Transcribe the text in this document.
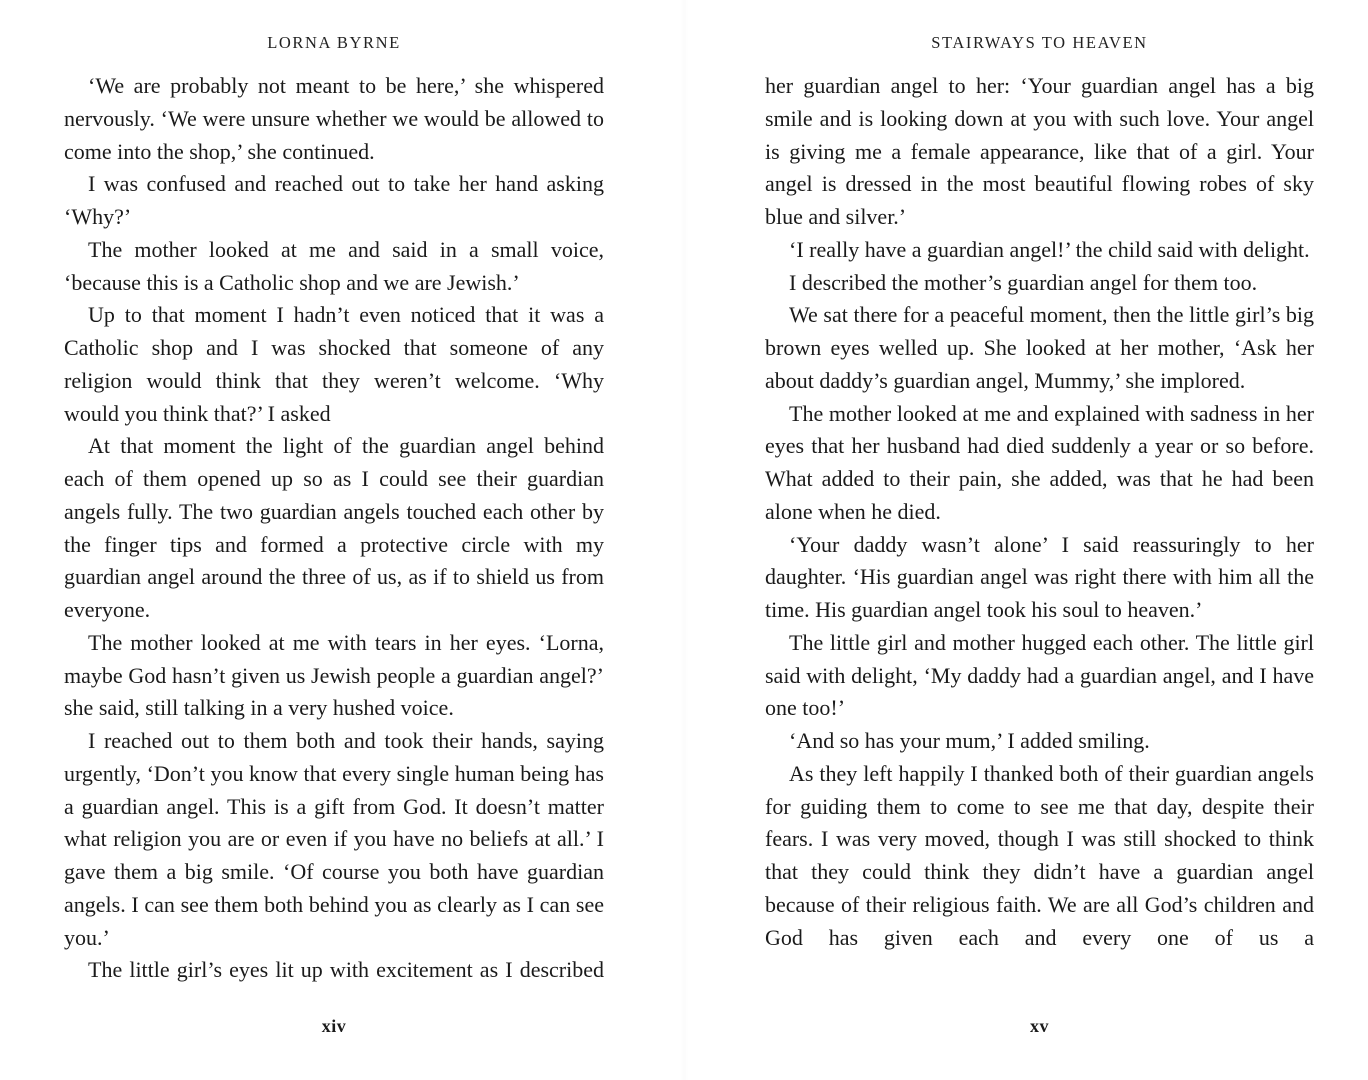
LORNA BYRNE

‘We are probably not meant to be here,’ she whispered nervously. ‘We were unsure whether we would be allowed to come into the shop,’ she continued.

I was confused and reached out to take her hand asking ‘Why?’

The mother looked at me and said in a small voice, ‘because this is a Catholic shop and we are Jewish.’

Up to that moment I hadn’t even noticed that it was a Catholic shop and I was shocked that someone of any religion would think that they weren’t welcome. ‘Why would you think that?’ I asked

At that moment the light of the guardian angel behind each of them opened up so as I could see their guardian angels fully. The two guardian angels touched each other by the finger tips and formed a protective circle with my guardian angel around the three of us, as if to shield us from everyone.

The mother looked at me with tears in her eyes. ‘Lorna, maybe God hasn’t given us Jewish people a guardian angel?’ she said, still talking in a very hushed voice.

I reached out to them both and took their hands, saying urgently, ‘Don’t you know that every single human being has a guardian angel. This is a gift from God. It doesn’t matter what religion you are or even if you have no beliefs at all.’ I gave them a big smile. ‘Of course you both have guardian angels. I can see them both behind you as clearly as I can see you.’

The little girl’s eyes lit up with excitement as I described

xiv
STAIRWAYS TO HEAVEN

her guardian angel to her: ‘Your guardian angel has a big smile and is looking down at you with such love. Your angel is giving me a female appearance, like that of a girl. Your angel is dressed in the most beautiful flowing robes of sky blue and silver.’

‘I really have a guardian angel!’ the child said with delight.

I described the mother’s guardian angel for them too.

We sat there for a peaceful moment, then the little girl’s big brown eyes welled up. She looked at her mother, ‘Ask her about daddy’s guardian angel, Mummy,’ she implored.

The mother looked at me and explained with sadness in her eyes that her husband had died suddenly a year or so before. What added to their pain, she added, was that he had been alone when he died.

‘Your daddy wasn’t alone’ I said reassuringly to her daughter. ‘His guardian angel was right there with him all the time. His guardian angel took his soul to heaven.’

The little girl and mother hugged each other. The little girl said with delight, ‘My daddy had a guardian angel, and I have one too!’

‘And so has your mum,’ I added smiling.

As they left happily I thanked both of their guardian angels for guiding them to come to see me that day, despite their fears. I was very moved, though I was still shocked to think that they could think they didn’t have a guardian angel because of their religious faith. We are all God’s children and God has given each and every one of us a

xv
